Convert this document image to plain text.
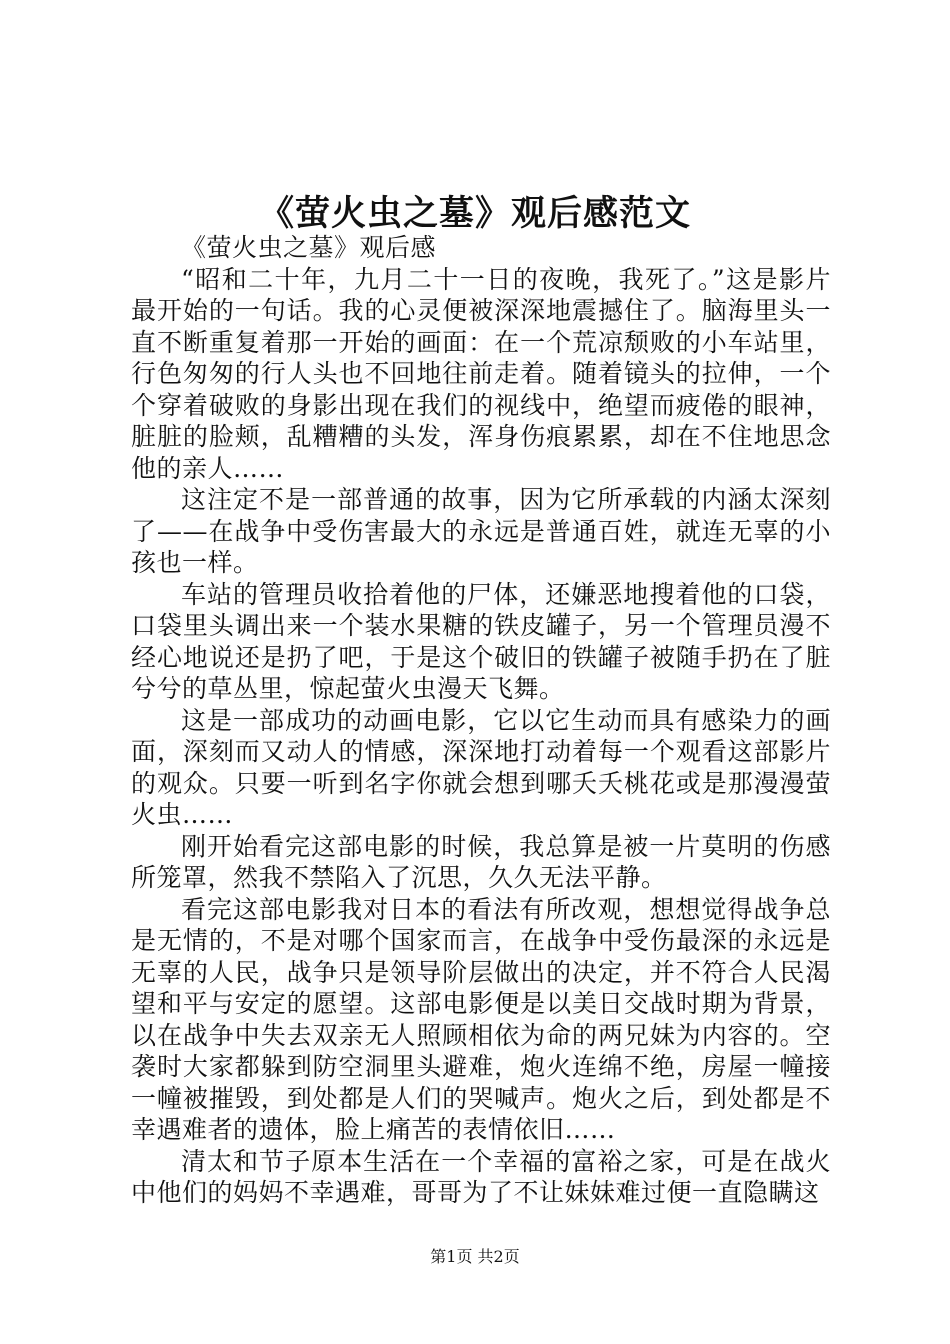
《萤火虫之墓》观后感范文

《萤火虫之墓》观后感

“昭和二十年，九月二十一日的夜晚，我死了。”这是影片最开始的一句话。我的心灵便被深深地震撼住了。脑海里头一直不断重复着那一开始的画面：在一个荒凉颓败的小车站里，行色匆匆的行人头也不回地往前走着。随着镜头的拉伸，一个个穿着破败的身影出现在我们的视线中，绝望而疲倦的眼神，脏脏的脸颊，乱糟糟的头发，浑身伤痕累累，却在不住地思念他的亲人……

这注定不是一部普通的故事，因为它所承载的内涵太深刻了——在战争中受伤害最大的永远是普通百姓，就连无辜的小孩也一样。

车站的管理员收拾着他的尸体，还嫌恶地搜着他的口袋，口袋里头调出来一个装水果糖的铁皮罐子，另一个管理员漫不经心地说还是扔了吧，于是这个破旧的铁罐子被随手扔在了脏兮兮的草丛里，惊起萤火虫漫天飞舞。

这是一部成功的动画电影，它以它生动而具有感染力的画面，深刻而又动人的情感，深深地打动着每一个观看这部影片的观众。只要一听到名字你就会想到哪夭夭桃花或是那漫漫萤火虫……

刚开始看完这部电影的时候，我总算是被一片莫明的伤感所笼罩，然我不禁陷入了沉思，久久无法平静。

看完这部电影我对日本的看法有所改观，想想觉得战争总是无情的，不是对哪个国家而言，在战争中受伤最深的永远是无辜的人民，战争只是领导阶层做出的决定，并不符合人民渴望和平与安定的愿望。这部电影便是以美日交战时期为背景，以在战争中失去双亲无人照顾相依为命的两兄妹为内容的。空袭时大家都躲到防空洞里头避难，炮火连绵不绝，房屋一幢接一幢被摧毁，到处都是人们的哭喊声。炮火之后，到处都是不幸遇难者的遗体，脸上痛苦的表情依旧……

清太和节子原本生活在一个幸福的富裕之家，可是在战火中他们的妈妈不幸遇难，哥哥为了不让妹妹难过便一直隐瞒这

第1页 共2页
